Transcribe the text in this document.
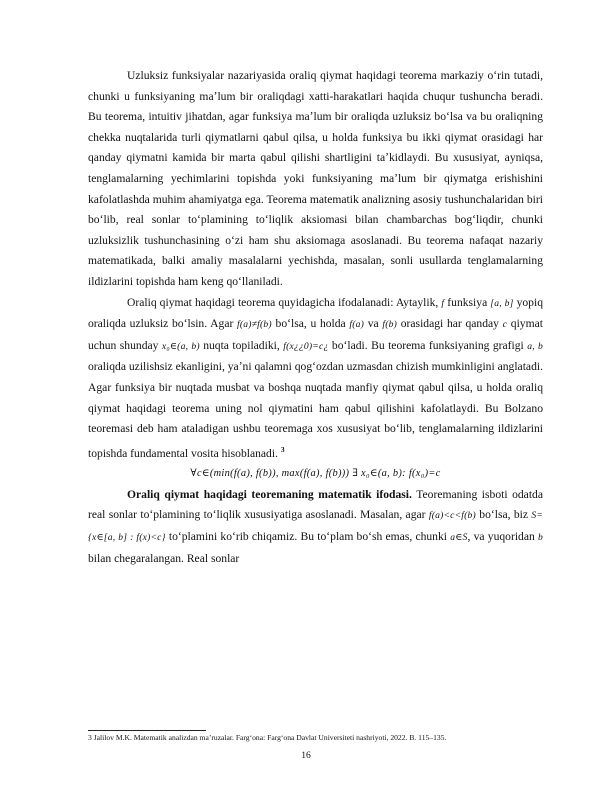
Uzluksiz funksiyalar nazariyasida oraliq qiymat haqidagi teorema markaziy oʻrin tutadi, chunki u funksiyaning maʼlum bir oraliqdagi xatti-harakatlari haqida chuqur tushuncha beradi. Bu teorema, intuitiv jihatdan, agar funksiya maʼlum bir oraliqda uzluksiz boʻlsa va bu oraliqning chekka nuqtalarida turli qiymatlarni qabul qilsa, u holda funksiya bu ikki qiymat orasidagi har qanday qiymatni kamida bir marta qabul qilishi shartligini taʼkidlaydi. Bu xususiyat, ayniqsa, tenglamalarning yechimlarini topishda yoki funksiyaning maʼlum bir qiymatga erishishini kafolatlashda muhim ahamiyatga ega. Teorema matematik analizning asosiy tushunchalaridan biri boʻlib, real sonlar toʻplamining toʻliqlik aksiomasi bilan chambarchas bogʻliqdir, chunki uzluksizlik tushunchasining oʻzi ham shu aksiomaga asoslanadi. Bu teorema nafaqat nazariy matematikada, balki amaliy masalalarni yechishda, masalan, sonli usullarda tenglamalarning ildizlarini topishda ham keng qoʻllaniladi.

Oraliq qiymat haqidagi teorema quyidagicha ifodalanadi: Aytaylik, f funksiya [a, b] yopiq oraliqda uzluksiz boʻlsin. Agar f(a)≠f(b) boʻlsa, u holda f(a) va f(b) orasidagi har qanday c qiymat uchun shunday x₀∈(a, b) nuqta topiladiki, f(x¿¿0)=c¿ boʻladi. Bu teorema funksiyaning grafigi a, b oraliqda uzilishsiz ekanligini, yaʼni qalamni qogʻozdan uzmasdan chizish mumkinligini anglatadi. Agar funksiya bir nuqtada musbat va boshqa nuqtada manfiy qiymat qabul qilsa, u holda oraliq qiymat haqidagi teorema uning nol qiymatini ham qabul qilishini kafolatlaydi. Bu Bolzano teoremasi deb ham ataladigan ushbu teoremaga xos xususiyat boʻlib, tenglamalarning ildizlarini topishda fundamental vosita hisoblanadi. $^3$

∀c∈(min(f(a), f(b)), max(f(a), f(b))) ∃ x₀∈(a, b): f(x₀)=c

Oraliq qiymat haqidagi teoremaning matematik ifodasi. Teoremaning isboti odatda real sonlar toʻplamining toʻliqlik xususiyatiga asoslanadi. Masalan, agar f(a)<c<f(b) boʻlsa, biz S={x∈[a, b] : f(x)<c} toʻplamini koʻrib chiqamiz. Bu toʻplam boʻsh emas, chunki a∈S, va yuqoridan b bilan chegaralangan. Real sonlar

3 Jalilov M.K. Matematik analizdan maʼruzalar. Fargʻona: Fargʻona Davlat Universiteti nashriyoti, 2022. B. 115–135.
16
